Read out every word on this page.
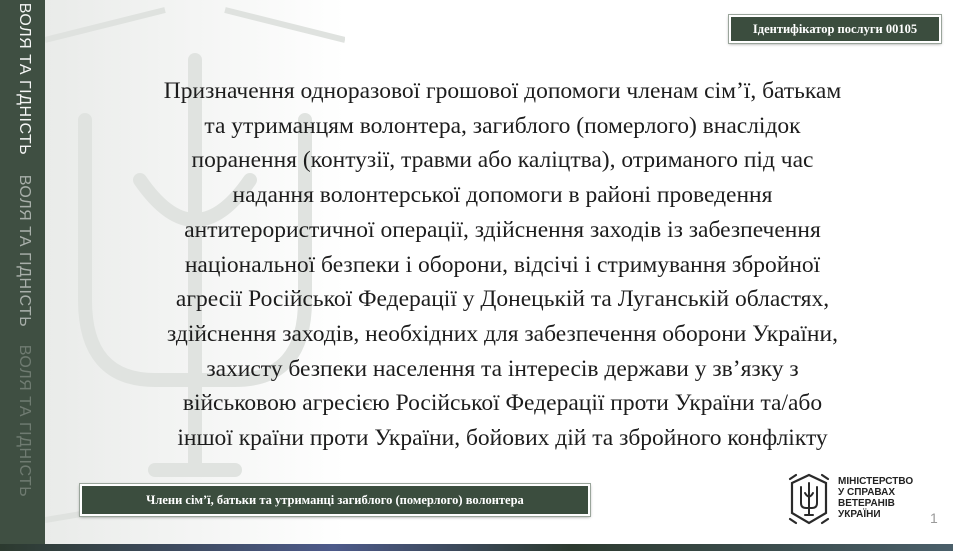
ВОЛЯ ТА ГІДНІСТЬ
ВОЛЯ ТА ГІДНІСТЬ
ВОЛЯ ТА ГІДНІСТЬ
Ідентифікатор послуги 00105
Призначення одноразової грошової допомоги членам сім’ї, батькам
та утриманцям волонтера, загиблого (померлого) внаслідок
поранення (контузії, травми або каліцтва), отриманого під час
надання волонтерської допомоги в районі проведення
антитерористичної операції, здійснення заходів із забезпечення
національної безпеки і оборони, відсічі і стримування збройної
агресії Російської Федерації у Донецькій та Луганській областях,
здійснення заходів, необхідних для забезпечення оборони України,
захисту безпеки населення та інтересів держави у зв’язку з
військовою агресією Російської Федерації проти України та/або
іншої країни проти України, бойових дій та збройного конфлікту
Члени сім’ї, батьки та утриманці загиблого (померлого) волонтера
МІНІСТЕРСТВО
У СПРАВАХ
ВЕТЕРАНІВ
УКРАЇНИ	1
